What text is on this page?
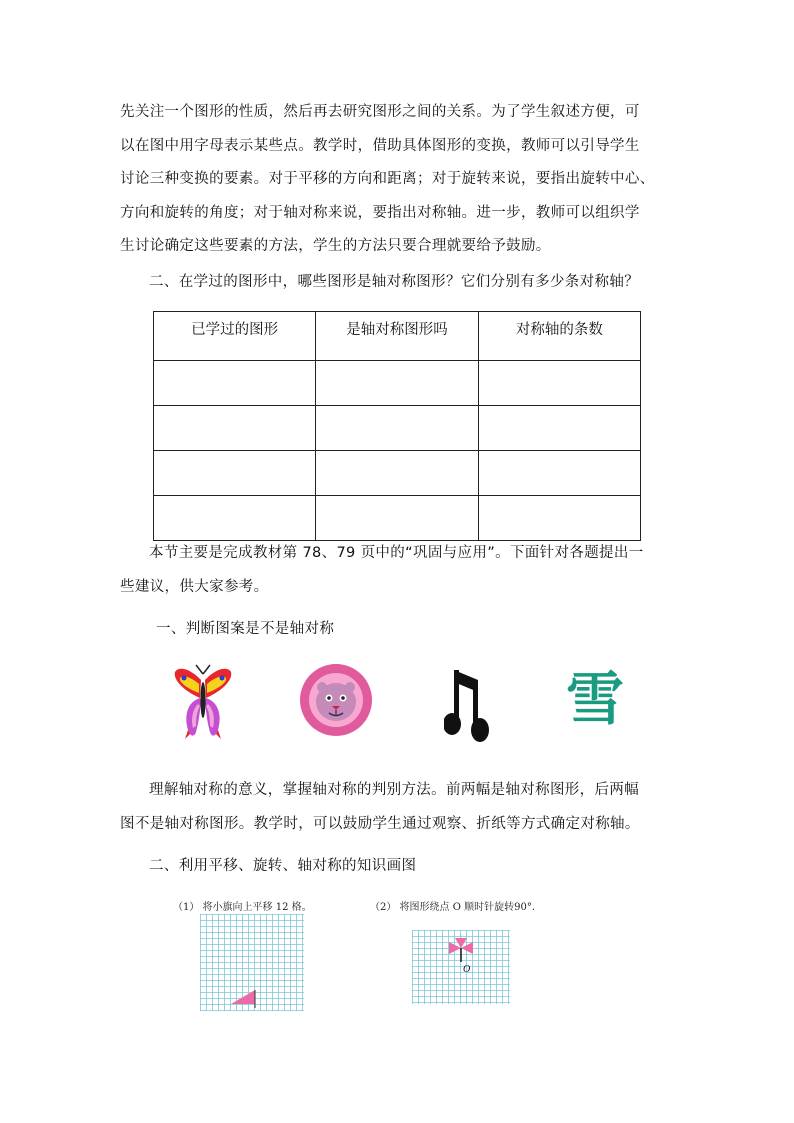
先关注一个图形的性质，然后再去研究图形之间的关系。为了学生叙述方便，可
以在图中用字母表示某些点。教学时，借助具体图形的变换，教师可以引导学生
讨论三种变换的要素。对于平移的方向和距离；对于旋转来说，要指出旋转中心、
方向和旋转的角度；对于轴对称来说，要指出对称轴。进一步，教师可以组织学
生讨论确定这些要素的方法，学生的方法只要合理就要给予鼓励。
二、在学过的图形中，哪些图形是轴对称图形？它们分别有多少条对称轴？
已学过的图形	是轴对称图形吗	对称轴的条数

本节主要是完成教材第 78、79 页中的“巩固与应用”。下面针对各题提出一
些建议，供大家参考。
一、判断图案是不是轴对称
雪
理解轴对称的意义，掌握轴对称的判别方法。前两幅是轴对称图形，后两幅
图不是轴对称图形。教学时，可以鼓励学生通过观察、折纸等方式确定对称轴。
二、利用平移、旋转、轴对称的知识画图
（1） 将小旗向上平移 12 格。	（2） 将图形绕点 O 顺时针旋转90°.
O
